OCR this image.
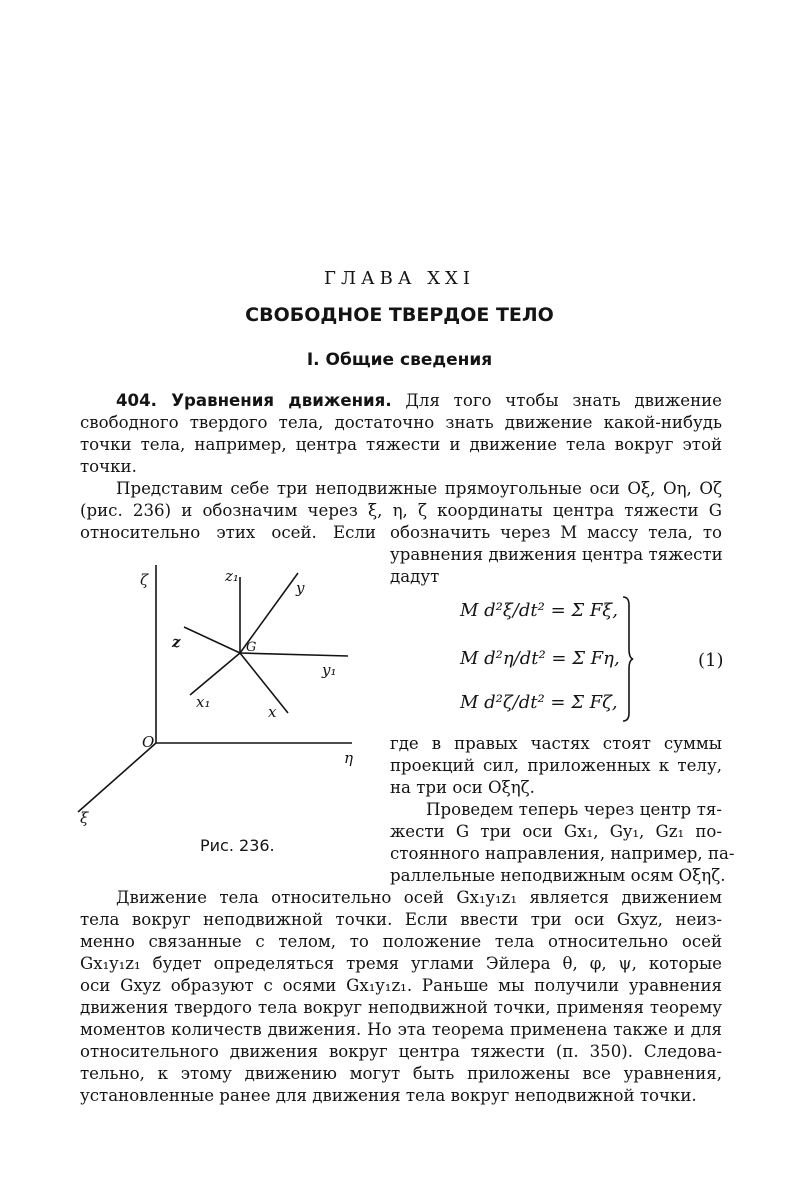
ГЛАВА XXI
СВОБОДНОЕ ТВЕРДОЕ ТЕЛО
I. Общие сведения
404. Уравнения движения. Для того чтобы знать движение
свободного твердого тела, достаточно знать движение какой-нибудь
точки тела, например, центра тяжести и движение тела вокруг этой
точки.
Представим себе три неподвижные прямоугольные оси Oξ, Oη, Oζ
(рис. 236) и обозначим через ξ, η, ζ координаты центра тяжести G
относительно этих осей. Если обозначить через M массу тела, то
уравнения движения центра тяжести
дадут
где в правых частях стоят суммы
проекций сил, приложенных к телу,
на три оси Oξηζ.
Проведем теперь через центр тя-
жести G три оси Gx₁, Gy₁, Gz₁ по-
стоянного направления, например, па-
раллельные неподвижным осям Oξηζ.
Движение тела относительно осей Gx₁y₁z₁ является движением
тела вокруг неподвижной точки. Если ввести три оси Gxyz, неиз-
менно связанные с телом, то положение тела относительно осей
Gx₁y₁z₁ будет определяться тремя углами Эйлера θ, φ, ψ, которые
оси Gxyz образуют с осями Gx₁y₁z₁. Раньше мы получили уравнения
движения твердого тела вокруг неподвижной точки, применяя теорему
моментов количеств движения. Но эта теорема применена также и для
относительного движения вокруг центра тяжести (п. 350). Следова-
тельно, к этому движению могут быть приложены все уравнения,
установленные ранее для движения тела вокруг неподвижной точки.
M d²ξ/dt² = Σ Fξ,
M d²η/dt² = Σ Fη,
M d²ζ/dt² = Σ Fζ,
(1)
ζ	z₁
y
z	G
y₁
x₁
x
O
η
ξ
Рис. 236.
